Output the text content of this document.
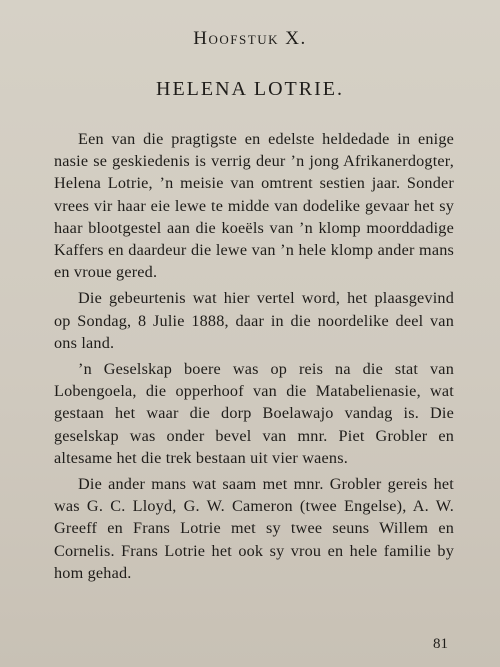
Hoofstuk X.
HELENA LOTRIE.

Een van die pragtigste en edelste heldedade in enige nasie se geskiedenis is verrig deur ’n jong Afrikanerdogter, Helena Lotrie, ’n meisie van omtrent sestien jaar. Sonder vrees vir haar eie lewe te midde van dodelike gevaar het sy haar blootgestel aan die koeëls van ’n klomp moorddadige Kaffers en daardeur die lewe van ’n hele klomp ander mans en vroue gered.

Die gebeurtenis wat hier vertel word, het plaasgevind op Sondag, 8 Julie 1888, daar in die noordelike deel van ons land.

’n Geselskap boere was op reis na die stat van Lobengoela, die opperhoof van die Matabelienasie, wat gestaan het waar die dorp Boelawajo vandag is. Die geselskap was onder bevel van mnr. Piet Grobler en altesame het die trek bestaan uit vier waens.

Die ander mans wat saam met mnr. Grobler gereis het was G. C. Lloyd, G. W. Cameron (twee Engelse), A. W. Greeff en Frans Lotrie met sy twee seuns Willem en Cornelis. Frans Lotrie het ook sy vrou en hele familie by hom gehad.

81
